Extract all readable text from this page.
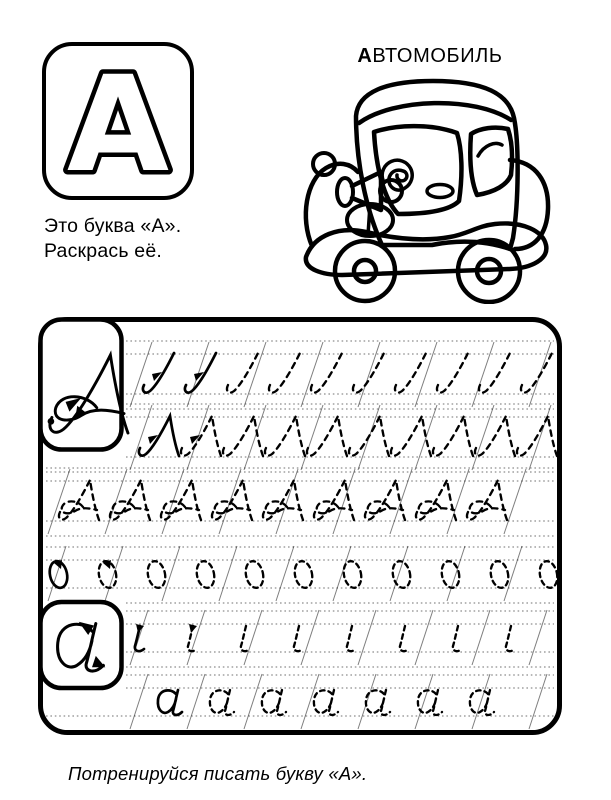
А
Это буква «А».
Раскрась её.
АВТОМОБИЛЬ
Потренируйся писать букву «А».
